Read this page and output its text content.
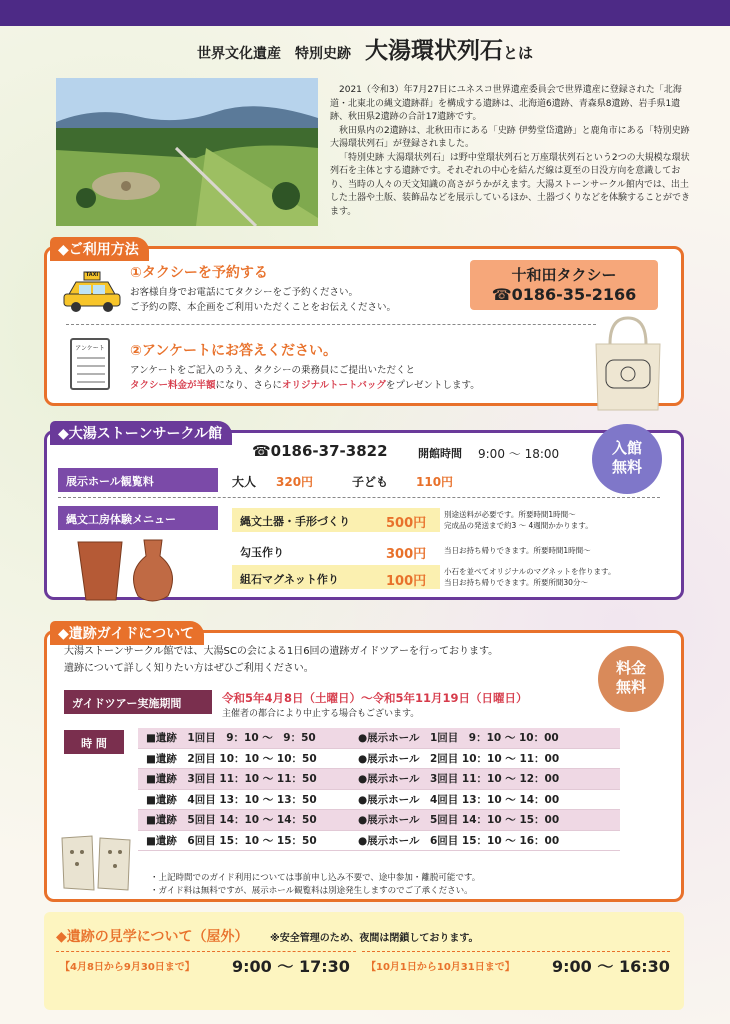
世界文化遺産　特別史跡 大湯環状列石とは

2021（令和3）年7月27日にユネスコ世界遺産委員会で世界遺産に登録された「北海道・北東北の縄文遺跡群」を構成する遺跡は、北海道6遺跡、青森県8遺跡、岩手県1遺跡、秋田県2遺跡の合計17遺跡です。

秋田県内の2遺跡は、北秋田市にある「史跡 伊勢堂岱遺跡」と鹿角市にある「特別史跡 大湯環状列石」が登録されました。

「特別史跡 大湯環状列石」は野中堂環状列石と万座環状列石という2つの大規模な環状列石を主体とする遺跡です。それぞれの中心を結んだ線は夏至の日没方向を意識しており、当時の人々の天文知識の高さがうかがえます。大湯ストーンサークル館内では、出土した土器や土版、装飾品などを展示しているほか、土器づくりなどを体験することができます。

◆ご利用方法
TAXI ①タクシーを予約する
お客様自身でお電話にてタクシーをご予約ください。
ご予約の際、本企画をご利用いただくことをお伝えください。
十和田タクシー
☎0186-35-2166
アンケート ②アンケートにお答えください。
アンケートをご記入のうえ、タクシーの乗務員にご提出いただくと
タクシー料金が半額になり、さらにオリジナルトートバッグをプレゼントします。
◆大湯ストーンサークル館
☎0186-37-3822	開館時間 9:00 ～ 18:00	入館
無料
展示ホール観覧料	大人 320円	子ども 110円
縄文工房体験メニュー	縄文土器・手形づくり	500円
別途送料が必要です。所要時間1時間～
完成品の発送まで約3 ～ 4週間かかります。
勾玉作り	300円 当日お持ち帰りできます。所要時間1時間～
組石マグネット作り	100円
小石を並べてオリジナルのマグネットを作ります。
当日お持ち帰りできます。所要所間30分～
◆遺跡ガイドについて
大湯ストーンサークル館では、大湯SCの会による1日6回の遺跡ガイドツアーを行っております。
遺跡について詳しく知りたい方はぜひご利用ください。	料金
無料
ガイドツアー実施期間	令和5年4月8日（土曜日）～令和5年11月19日（日曜日）
主催者の都合により中止する場合もございます。
時 間	■遺跡　1回目　9：10 ～　9：50	●展示ホール　1回目　9：10 ～ 10：00
■遺跡　2回目 10：10 ～ 10：50	●展示ホール　2回目 10：10 ～ 11：00
■遺跡　3回目 11：10 ～ 11：50	●展示ホール　3回目 11：10 ～ 12：00
■遺跡　4回目 13：10 ～ 13：50	●展示ホール　4回目 13：10 ～ 14：00
■遺跡　5回目 14：10 ～ 14：50	●展示ホール　5回目 14：10 ～ 15：00
■遺跡　6回目 15：10 ～ 15：50	●展示ホール　6回目 15：10 ～ 16：00
・上記時間でのガイド利用については事前申し込み不要で、途中参加・離脱可能です。
・ガイド料は無料ですが、展示ホール観覧料は別途発生しますのでご了承ください。
◆遺跡の見学について（屋外） ※安全管理のため、夜間は閉鎖しております。
【4月8日から9月30日まで】 9:00 ～ 17:30 【10月1日から10月31日まで】 9:00 ～ 16:30
